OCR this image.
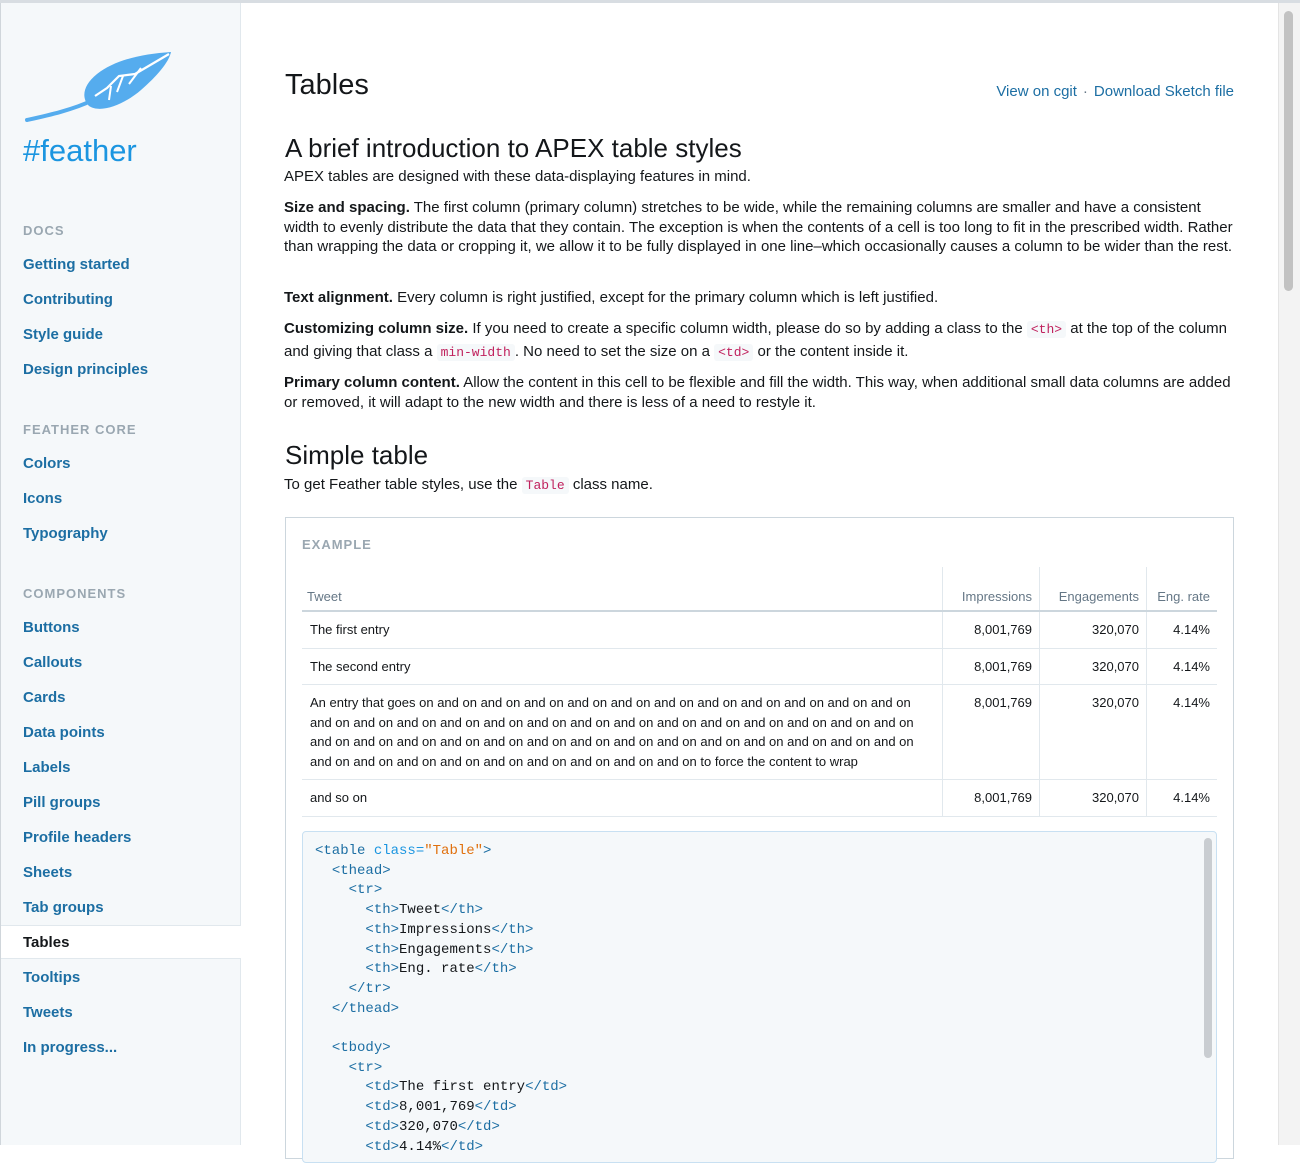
#feather
DOCS
Getting started
Contributing
Style guide
Design principles
FEATHER CORE
Colors
Icons
Typography
COMPONENTS
Buttons
Callouts
Cards
Data points
Labels
Pill groups
Profile headers
Sheets
Tab groups
Tables
Tooltips
Tweets
In progress...
Tables	View on cgit · Download Sketch file
A brief introduction to APEX table styles
APEX tables are designed with these data-displaying features in mind.
Size and spacing. The first column (primary column) stretches to be wide, while the remaining columns are smaller and have a consistent width to evenly distribute the data that they contain. The exception is when the contents of a cell is too long to fit in the prescribed width. Rather than wrapping the data or cropping it, we allow it to be fully displayed in one line–which occasionally causes a column to be wider than the rest.
Text alignment. Every column is right justified, except for the primary column which is left justified.
Customizing column size. If you need to create a specific column width, please do so by adding a class to the <th> at the top of the column and giving that class a min-width . No need to set the size on a <td> or the content inside it.
Primary column content. Allow the content in this cell to be flexible and fill the width. This way, when additional small data columns are added or removed, it will adapt to the new width and there is less of a need to restyle it.
Simple table
To get Feather table styles, use the Table class name.
EXAMPLE
Tweet	Impressions	Engagements	Eng. rate
The first entry	8,001,769	320,070	4.14%
The second entry	8,001,769	320,070	4.14%
An entry that goes on and on and on and on and on and on and on and on and on and on and on and on and on and on and on and on and on and on and on and on and on and on and on and on and on and on and on and on and on and on and on and on and on and on and on and on and on and on and on and on and on and on and on and on and on and on and on and on and on to force the content to wrap	8,001,769	320,070	4.14%
and so on	8,001,769	320,070	4.14%
<table class="Table">
<thead>
<tr>
<th>Tweet</th>
<th>Impressions</th>
<th>Engagements</th>
<th>Eng. rate</th>
</tr>
</thead>

<tbody>
<tr>
<td>The first entry</td>
<td>8,001,769</td>
<td>320,070</td>
<td>4.14%</td>
